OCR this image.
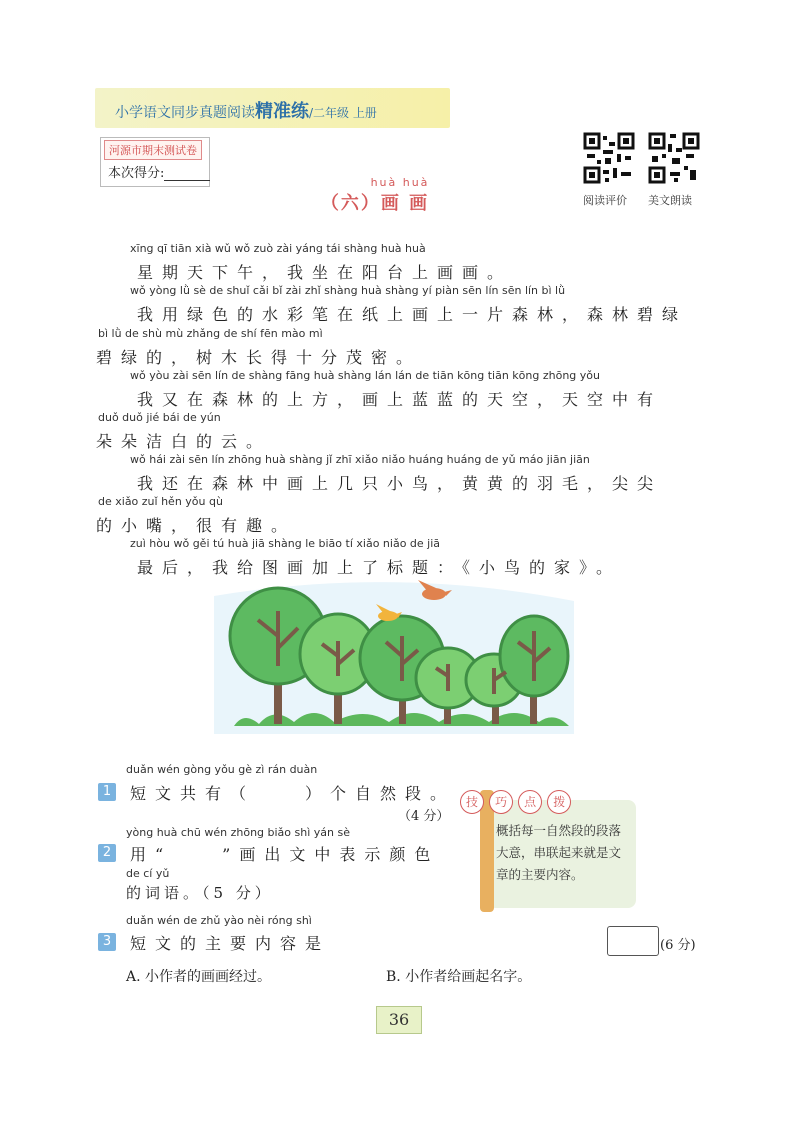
小学语文同步真题阅读精准练/二年级 上册
河源市期末测试卷
本次得分:
阅读评价 美文朗读
huà huà
（六）画 画
xīng qī tiān xià wǔ wǒ zuò zài yáng tái shàng huà huà
　星期天下午，我坐在阳台上画画。
wǒ yòng lǜ sè de shuǐ cǎi bǐ zài zhǐ shàng huà shàng yí piàn sēn lín sēn lín bì lǜ
　我用绿色的水彩笔在纸上画上一片森林，森林碧绿
bì lǜ de shù mù zhǎng de shí fēn mào mì
碧绿的，树木长得十分茂密。
wǒ yòu zài sēn lín de shàng fāng huà shàng lán lán de tiān kōng tiān kōng zhōng yǒu
　我又在森林的上方，画上蓝蓝的天空，天空中有
duǒ duǒ jié bái de yún
朵朵洁白的云。
wǒ hái zài sēn lín zhōng huà shàng jǐ zhī xiǎo niǎo huáng huáng de yǔ máo jiān jiān
　我还在森林中画上几只小鸟，黄黄的羽毛，尖尖
de xiǎo zuǐ hěn yǒu qù
的小嘴，很有趣。
zuì hòu wǒ gěi tú huà jiā shàng le biāo tí xiǎo niǎo de jiā
　最后，我给图画加上了标题：《小鸟的家》。
duǎn wén gòng yǒu gè zì rán duàn
1	短文共有（　　）个自然段。
（4 分）
yòng huà chū wén zhōng biǎo shì yán sè
2	用“　　”画出文中表示颜色
de cí yǔ
的词语。（5 分）
duǎn wén de zhǔ yào nèi róng shì
3	短文的主要内容是	(6 分)
A. 小作者的画画经过。	B. 小作者给画起名字。
技 巧 点 拨
概括每一自然段的段落大意，串联起来就是文章的主要内容。
36
